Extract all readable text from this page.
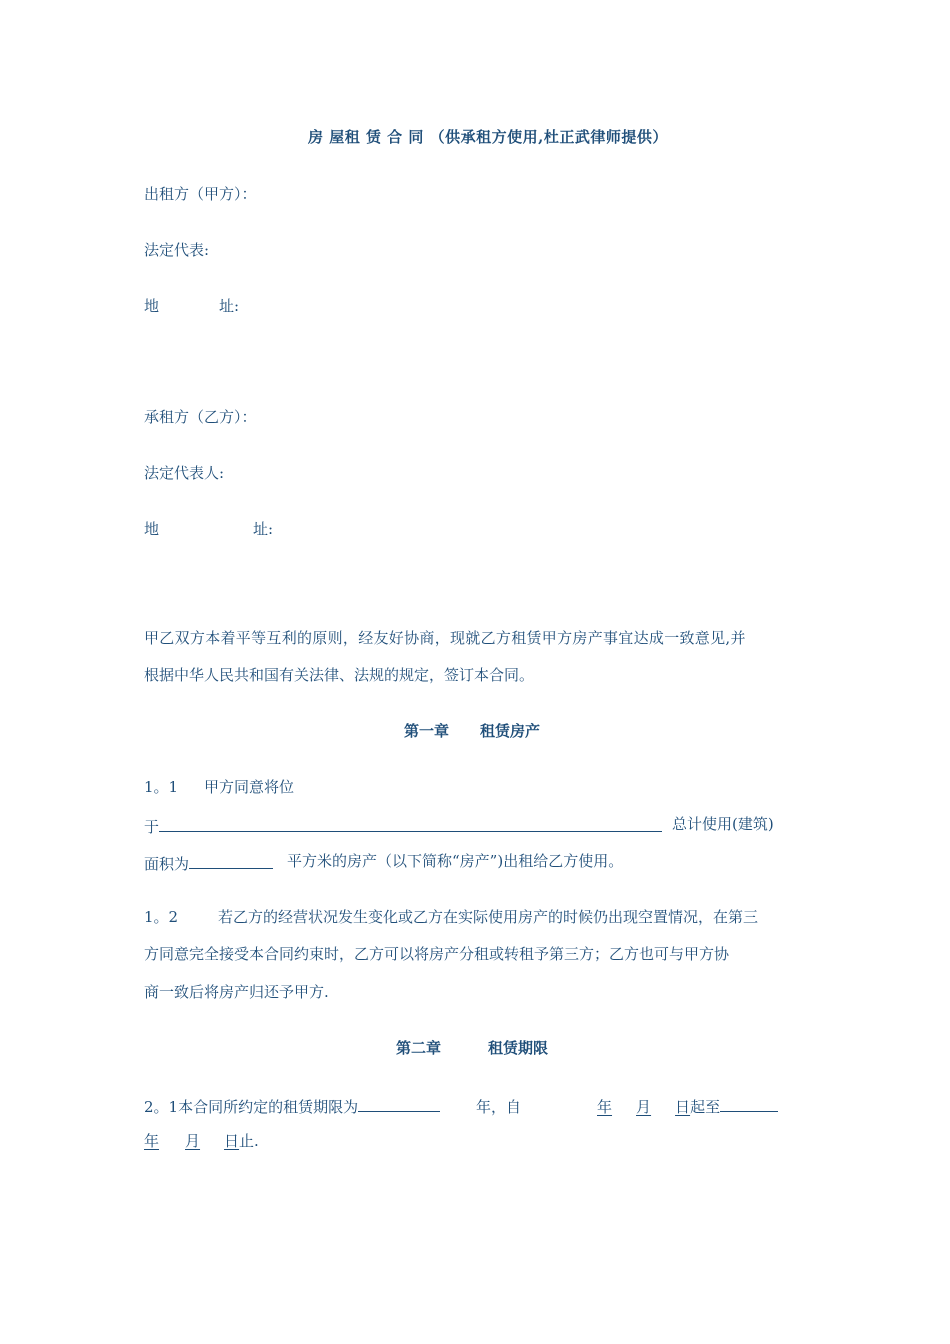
房 屋租 赁 合 同 （供承租方使用,杜正武律师提供）
出租方（甲方）：
法定代表:
地	址:
承租方（乙方）：
法定代表人:
地	址:
甲乙双方本着平等互利的原则，经友好协商，现就乙方租赁甲方房产事宜达成一致意见,并
根据中华人民共和国有关法律、法规的规定，签订本合同。
第一章 租赁房产
1。1 甲方同意将位
于	总计使用(建筑)
面积为	平方米的房产（以下简称“房产”)出租给乙方使用。
1。2	若乙方的经营状况发生变化或乙方在实际使用房产的时候仍出现空置情况，在第三
方同意完全接受本合同约束时，乙方可以将房产分租或转租予第三方；乙方也可与甲方协
商一致后将房产归还予甲方.
第二章	租赁期限
2。1本合同所约定的租赁期限为	年，自	年 月 日起至
年 月 日止.
